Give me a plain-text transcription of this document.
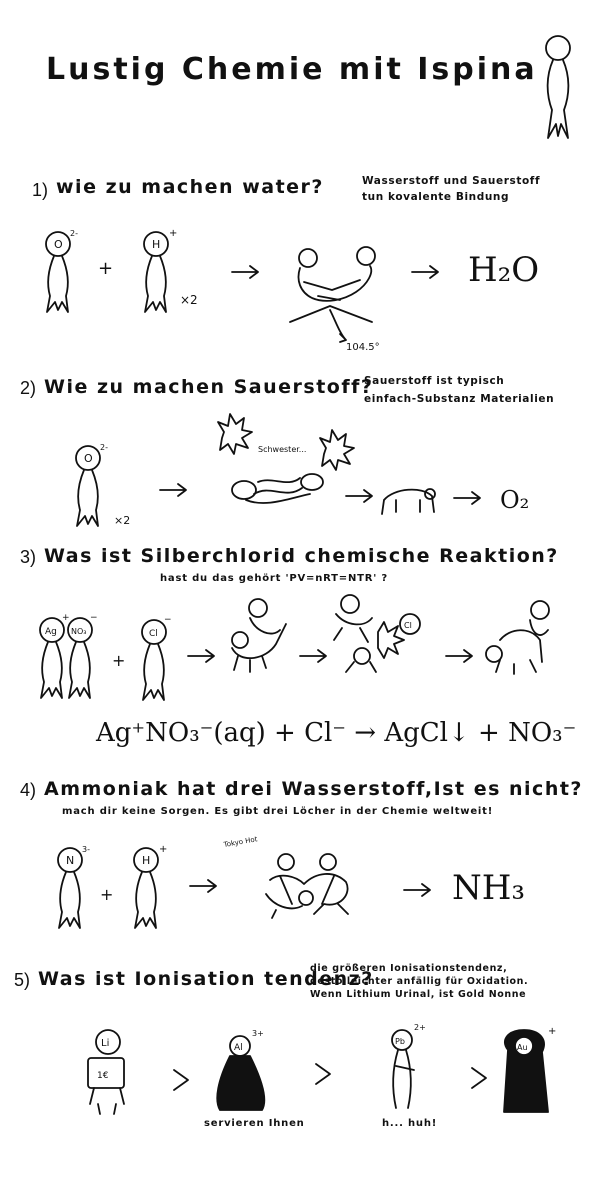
Lustig Chemie mit Ispina
1) wie zu machen water?	Wasserstoff und Sauerstoff
tun kovalente Bindung
2) Wie zu machen Sauerstoff?
Sauerstoff ist typisch
einfach-Substanz Materialien
3) Was ist Silberchlorid chemische Reaktion?
hast du das gehört 'PV=nRT=NTR' ?
4) Ammoniak hat drei Wasserstoff,Ist es nicht?
mach dir keine Sorgen. Es gibt drei Löcher in der Chemie weltweit!
5) Was ist Ionisation tendenz?
die größeren Ionisationstendenz,
desto leichter anfällig für Oxidation.
Wenn Lithium Urinal, ist Gold Nonne
H₂O
O₂
Ag⁺NO₃⁻(aq) + Cl⁻ → AgCl↓ + NO₃⁻
NH₃
servieren Ihnen	h... huh!
O
2-
+
H
+
×2
104.5°
O
2-
×2
Schwester...
Ag
+
NO₃
−
+
Cl
−
Cl
N
3-
+
H
+
Tokyo Hot
Li
1€
Al
3+
Pb
2+
Au
+
